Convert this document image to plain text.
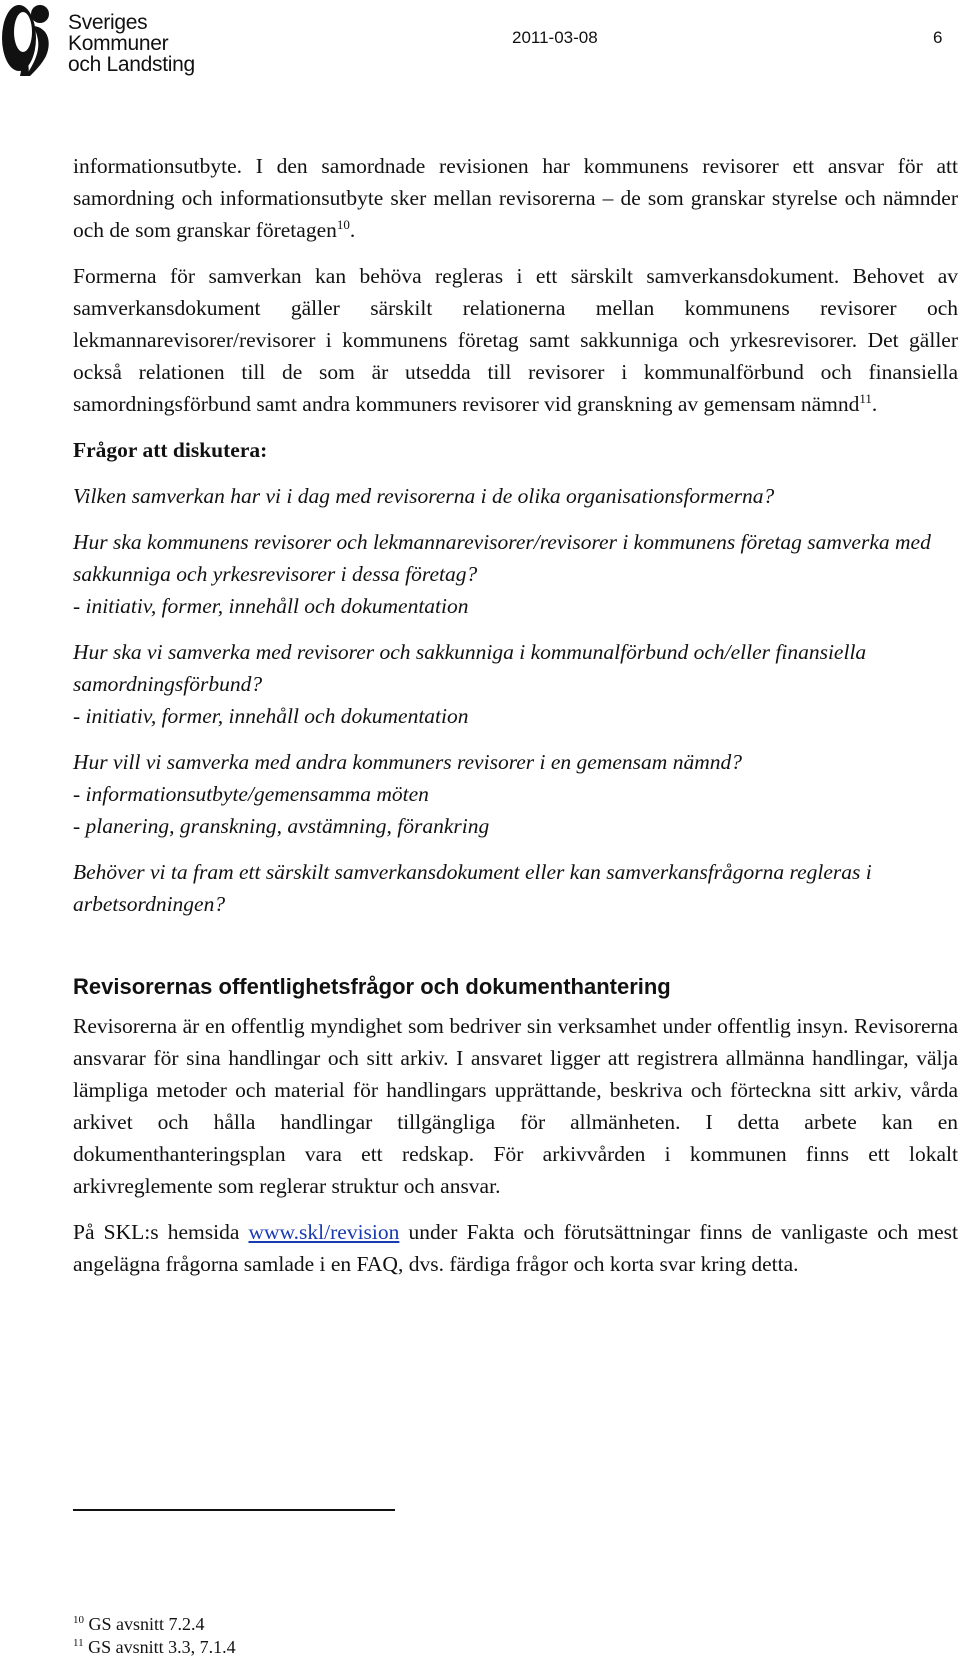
Sveriges
Kommuner
och Landsting
2011-03-08	6

informationsutbyte. I den samordnade revisionen har kommunens revisorer ett ansvar för att samordning och informationsutbyte sker mellan revisorerna – de som granskar styrelse och nämnder och de som granskar företagen$^{10}$.

Formerna för samverkan kan behöva regleras i ett särskilt samverkansdokument. Behovet av samverkansdokument gäller särskilt relationerna mellan kommunens revisorer och lekmannarevisorer/revisorer i kommunens företag samt sakkunniga och yrkesrevisorer. Det gäller också relationen till de som är utsedda till revisorer i kommunalförbund och finansiella samordningsförbund samt andra kommuners revisorer vid granskning av gemensam nämnd$^{11}$.

Frågor att diskutera:

Vilken samverkan har vi i dag med revisorerna i de olika organisationsformerna?

Hur ska kommunens revisorer och lekmannarevisorer/revisorer i kommunens företag samverka med sakkunniga och yrkesrevisorer i dessa företag?

- initiativ, former, innehåll och dokumentation

Hur ska vi samverka med revisorer och sakkunniga i kommunalförbund och/eller finansiella samordningsförbund?

- initiativ, former, innehåll och dokumentation

Hur vill vi samverka med andra kommuners revisorer i en gemensam nämnd?

- informationsutbyte/gemensamma möten

- planering, granskning, avstämning, förankring

Behöver vi ta fram ett särskilt samverkansdokument eller kan samverkansfrågorna regleras i arbetsordningen?

Revisorernas offentlighetsfrågor och dokumenthantering

Revisorerna är en offentlig myndighet som bedriver sin verksamhet under offentlig insyn. Revisorerna ansvarar för sina handlingar och sitt arkiv. I ansvaret ligger att registrera allmänna handlingar, välja lämpliga metoder och material för handlingars upprättande, beskriva och förteckna sitt arkiv, vårda arkivet och hålla handlingar tillgängliga för allmänheten. I detta arbete kan en dokumenthanteringsplan vara ett redskap. För arkivvården i kommunen finns ett lokalt arkivreglemente som reglerar struktur och ansvar.

På SKL:s hemsida www.skl/revision under Fakta och förutsättningar finns de vanligaste och mest angelägna frågorna samlade i en FAQ, dvs. färdiga frågor och korta svar kring detta.

$^{10}$ GS avsnitt 7.2.4
$^{11}$ GS avsnitt 3.3, 7.1.4
